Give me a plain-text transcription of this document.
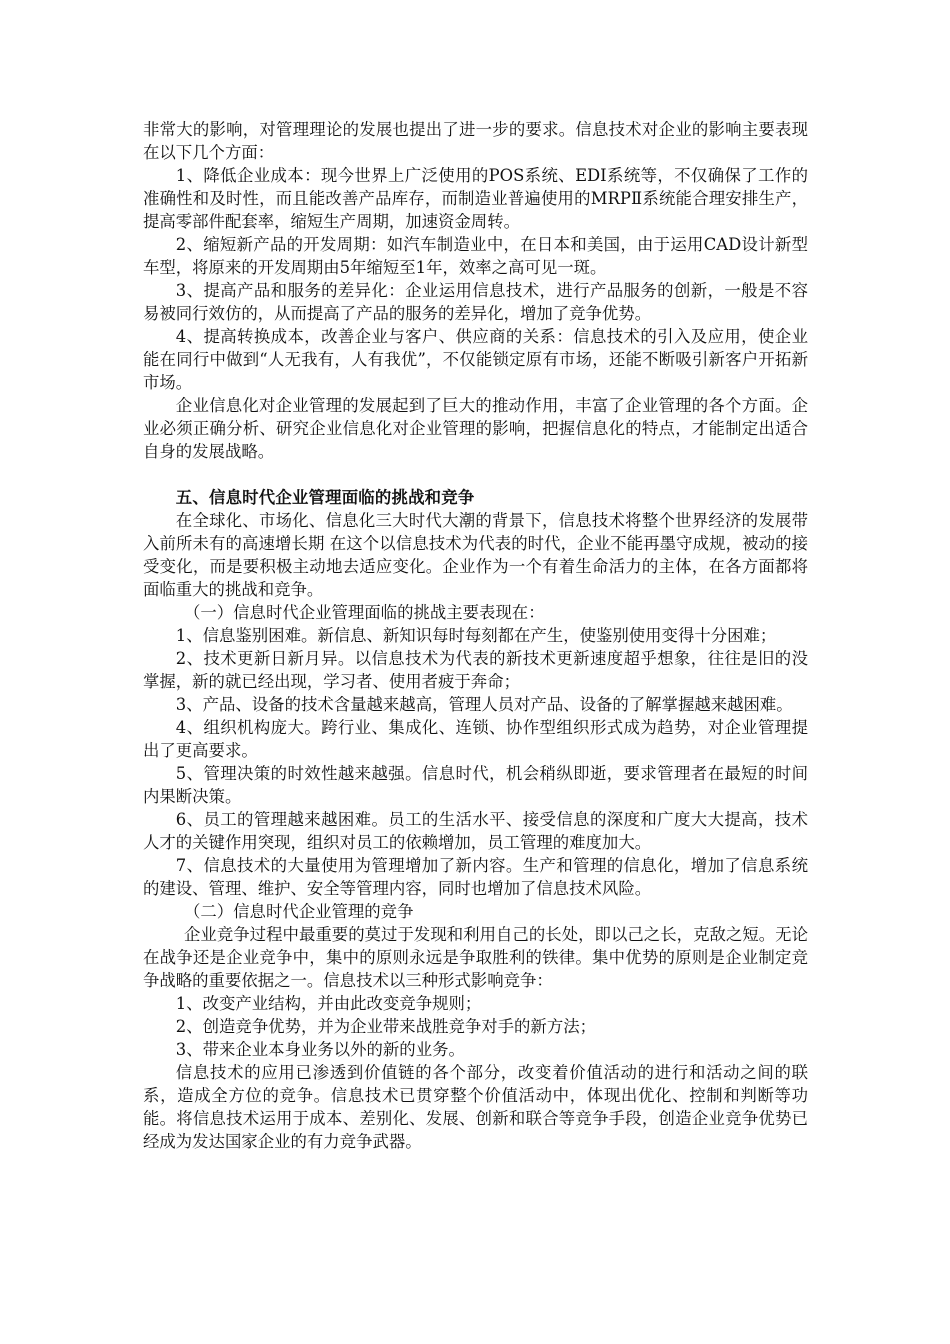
非常大的影响，对管理理论的发展也提出了进一步的要求。信息技术对企业的影响主要表现在以下几个方面：

1、降低企业成本：现今世界上广泛使用的POS系统、EDI系统等，不仅确保了工作的准确性和及时性，而且能改善产品库存，而制造业普遍使用的MRPⅡ系统能合理安排生产，提高零部件配套率，缩短生产周期，加速资金周转。

2、缩短新产品的开发周期：如汽车制造业中，在日本和美国，由于运用CAD设计新型车型，将原来的开发周期由5年缩短至1年，效率之高可见一斑。

3、提高产品和服务的差异化：企业运用信息技术，进行产品服务的创新，一般是不容易被同行效仿的，从而提高了产品的服务的差异化，增加了竞争优势。

4、提高转换成本，改善企业与客户、供应商的关系：信息技术的引入及应用，使企业能在同行中做到“人无我有，人有我优”，不仅能锁定原有市场，还能不断吸引新客户开拓新市场。

企业信息化对企业管理的发展起到了巨大的推动作用，丰富了企业管理的各个方面。企业必须正确分析、研究企业信息化对企业管理的影响，把握信息化的特点，才能制定出适合自身的发展战略。

五、信息时代企业管理面临的挑战和竞争

在全球化、市场化、信息化三大时代大潮的背景下，信息技术将整个世界经济的发展带入前所未有的高速增长期 在这个以信息技术为代表的时代，企业不能再墨守成规，被动的接受变化，而是要积极主动地去适应变化。企业作为一个有着生命活力的主体，在各方面都将面临重大的挑战和竞争。

（一）信息时代企业管理面临的挑战主要表现在：

1、信息鉴别困难。新信息、新知识每时每刻都在产生，使鉴别使用变得十分困难；

2、技术更新日新月异。以信息技术为代表的新技术更新速度超乎想象，往往是旧的没掌握，新的就已经出现，学习者、使用者疲于奔命；

3、产品、设备的技术含量越来越高，管理人员对产品、设备的了解掌握越来越困难。

4、组织机构庞大。跨行业、集成化、连锁、协作型组织形式成为趋势，对企业管理提出了更高要求。

5、管理决策的时效性越来越强。信息时代，机会稍纵即逝，要求管理者在最短的时间内果断决策。

6、员工的管理越来越困难。员工的生活水平、接受信息的深度和广度大大提高，技术人才的关键作用突现，组织对员工的依赖增加，员工管理的难度加大。

7、信息技术的大量使用为管理增加了新内容。生产和管理的信息化，增加了信息系统的建设、管理、维护、安全等管理内容，同时也增加了信息技术风险。

（二）信息时代企业管理的竞争

企业竞争过程中最重要的莫过于发现和利用自己的长处，即以己之长，克敌之短。无论在战争还是企业竞争中，集中的原则永远是争取胜利的铁律。集中优势的原则是企业制定竞争战略的重要依据之一。信息技术以三种形式影响竞争：

1、改变产业结构，并由此改变竞争规则；

2、创造竞争优势，并为企业带来战胜竞争对手的新方法；

3、带来企业本身业务以外的新的业务。

信息技术的应用已渗透到价值链的各个部分，改变着价值活动的进行和活动之间的联系，造成全方位的竞争。信息技术已贯穿整个价值活动中，体现出优化、控制和判断等功能。将信息技术运用于成本、差别化、发展、创新和联合等竞争手段，创造企业竞争优势已经成为发达国家企业的有力竞争武器。
